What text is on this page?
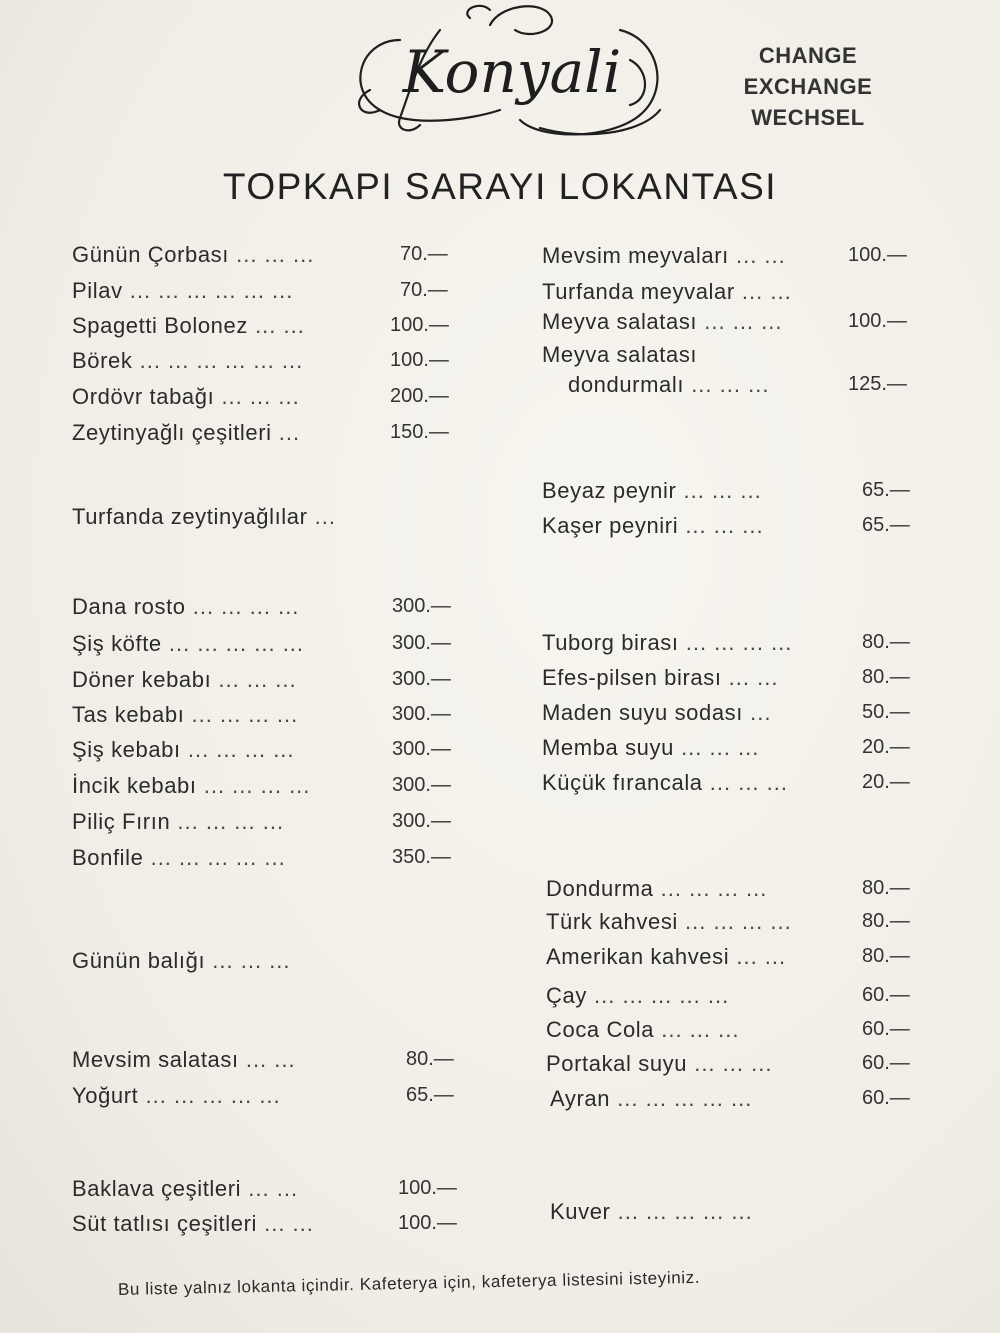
Konyali	CHANGE
EXCHANGE
WECHSEL
TOPKAPI SARAYI LOKANTASI
Günün Çorbası ... ... ...	70.—
Pilav ... ... ... ... ... ...	70.—
Spagetti Bolonez ... ...	100.—
Börek ... ... ... ... ... ...	100.—
Ordövr tabağı ... ... ...	200.—
Zeytinyağlı çeşitleri ...	150.—
Turfanda zeytinyağlılar ...
Dana rosto ... ... ... ...	300.—
Şiş köfte ... ... ... ... ...	300.—
Döner kebabı ... ... ...	300.—
Tas kebabı ... ... ... ...	300.—
Şiş kebabı ... ... ... ...	300.—
İncik kebabı ... ... ... ...	300.—
Piliç Fırın ... ... ... ...	300.—
Bonfile ... ... ... ... ...	350.—
Günün balığı ... ... ...
Mevsim salatası ... ...	80.—
Yoğurt ... ... ... ... ...	65.—
Baklava çeşitleri ... ...	100.—
Süt tatlısı çeşitleri ... ...	100.—
Mevsim meyvaları ... ...	100.—
Turfanda meyvalar ... ...
Meyva salatası ... ... ...	100.—
Meyva salatası
dondurmalı ... ... ...	125.—
Beyaz peynir ... ... ...	65.—
Kaşer peyniri ... ... ...	65.—
Tuborg birası ... ... ... ...	80.—
Efes-pilsen birası ... ...	80.—
Maden suyu sodası ...	50.—
Memba suyu ... ... ...	20.—
Küçük fırancala ... ... ...	20.—
Dondurma ... ... ... ...	80.—
Türk kahvesi ... ... ... ...	80.—
Amerikan kahvesi ... ...	80.—
Çay ... ... ... ... ...	60.—
Coca Cola ... ... ...	60.—
Portakal suyu ... ... ...	60.—
Ayran ... ... ... ... ...	60.—
Kuver ... ... ... ... ...
Bu liste yalnız lokanta içindir. Kafeterya için, kafeterya listesini isteyiniz.
